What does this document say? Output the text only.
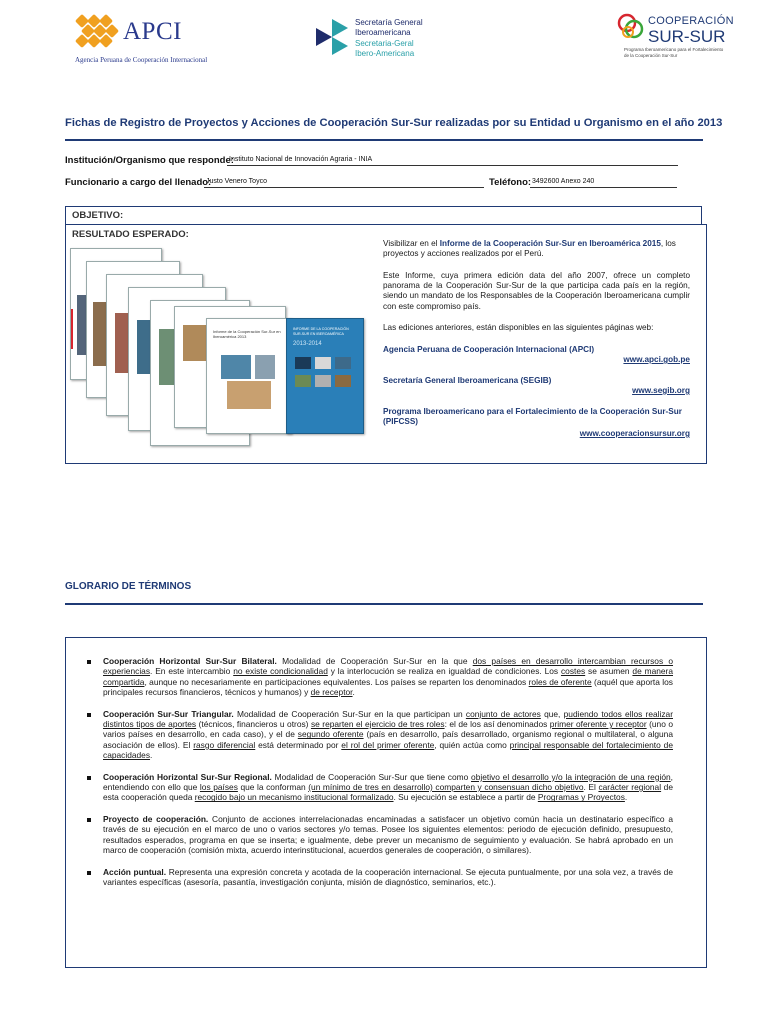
APCI
Agencia Peruana de Cooperación Internacional
Secretaría General
Iberoamericana
Secretaria-Geral
Ibero-Americana
COOPERACIÓN
SUR-SUR
Programa Iberoamericano para el Fortalecimiento de la Cooperación Sur-Sur
Fichas de Registro de Proyectos y Acciones de Cooperación Sur-Sur realizadas por su Entidad u Organismo en el año 2013
Institución/Organismo que responde:
Instituto Nacional de Innovación Agraria - INIA
Funcionario a cargo del llenado:
Justo Venero Toyco	Teléfono: 3492600 Anexo 240
OBJETIVO:
RESULTADO ESPERADO:
Informe de la Cooperación Sur-Sur en Iberoamérica 2013
INFORME DE LA COOPERACIÓN SUR-SUR EN IBEROAMÉRICA
2013-2014
Visibilizar en el Informe de la Cooperación Sur-Sur en Iberoamérica 2015, los proyectos y acciones realizados por el Perú.
Este Informe, cuya primera edición data del año 2007, ofrece un completo panorama de la Cooperación Sur-Sur de la que participa cada país en la región, siendo un mandato de los Responsables de la Cooperación Iberoamericana cumplir con este compromiso país.
Las ediciones anteriores, están disponibles en las siguientes páginas web:
Agencia Peruana de Cooperación Internacional (APCI)
www.apci.gob.pe
Secretaría General Iberoamericana (SEGIB)
www.segib.org
Programa Iberoamericano para el Fortalecimiento de la Cooperación Sur-Sur (PIFCSS)
www.cooperacionsursur.org
GLORARIO DE TÉRMINOS
Cooperación Horizontal Sur-Sur Bilateral. Modalidad de Cooperación Sur-Sur en la que dos países en desarrollo intercambian recursos o experiencias. En este intercambio no existe condicionalidad y la interlocución se realiza en igualdad de condiciones. Los costes se asumen de manera compartida, aunque no necesariamente en participaciones equivalentes. Los países se reparten los denominados roles de oferente (aquél que aporta los principales recursos financieros, técnicos y humanos) y de receptor.
Cooperación Sur-Sur Triangular. Modalidad de Cooperación Sur-Sur en la que participan un conjunto de actores que, pudiendo todos ellos realizar distintos tipos de aportes (técnicos, financieros u otros) se reparten el ejercicio de tres roles: el de los así denominados primer oferente y receptor (uno o varios países en desarrollo, en cada caso), y el de segundo oferente (país en desarrollo, país desarrollado, organismo regional o multilateral, o alguna asociación de ellos). El rasgo diferencial está determinado por el rol del primer oferente, quién actúa como principal responsable del fortalecimiento de capacidades.
Cooperación Horizontal Sur-Sur Regional. Modalidad de Cooperación Sur-Sur que tiene como objetivo el desarrollo y/o la integración de una región, entendiendo con ello que los países que la conforman (un mínimo de tres en desarrollo) comparten y consensuan dicho objetivo. El carácter regional de esta cooperación queda recogido bajo un mecanismo institucional formalizado. Su ejecución se establece a partir de Programas y Proyectos.
Proyecto de cooperación. Conjunto de acciones interrelacionadas encaminadas a satisfacer un objetivo común hacia un destinatario específico a través de su ejecución en el marco de uno o varios sectores y/o temas. Posee los siguientes elementos: periodo de ejecución definido, presupuesto, resultados esperados, programa en que se inserta; e igualmente, debe prever un mecanismo de seguimiento y evaluación. Se habrá aprobado en un marco de cooperación (comisión mixta, acuerdo interinstitucional, acuerdos generales de cooperación, o similares).
Acción puntual. Representa una expresión concreta y acotada de la cooperación internacional. Se ejecuta puntualmente, por una sola vez, a través de variantes específicas (asesoría, pasantía, investigación conjunta, misión de diagnóstico, seminarios, etc.).
